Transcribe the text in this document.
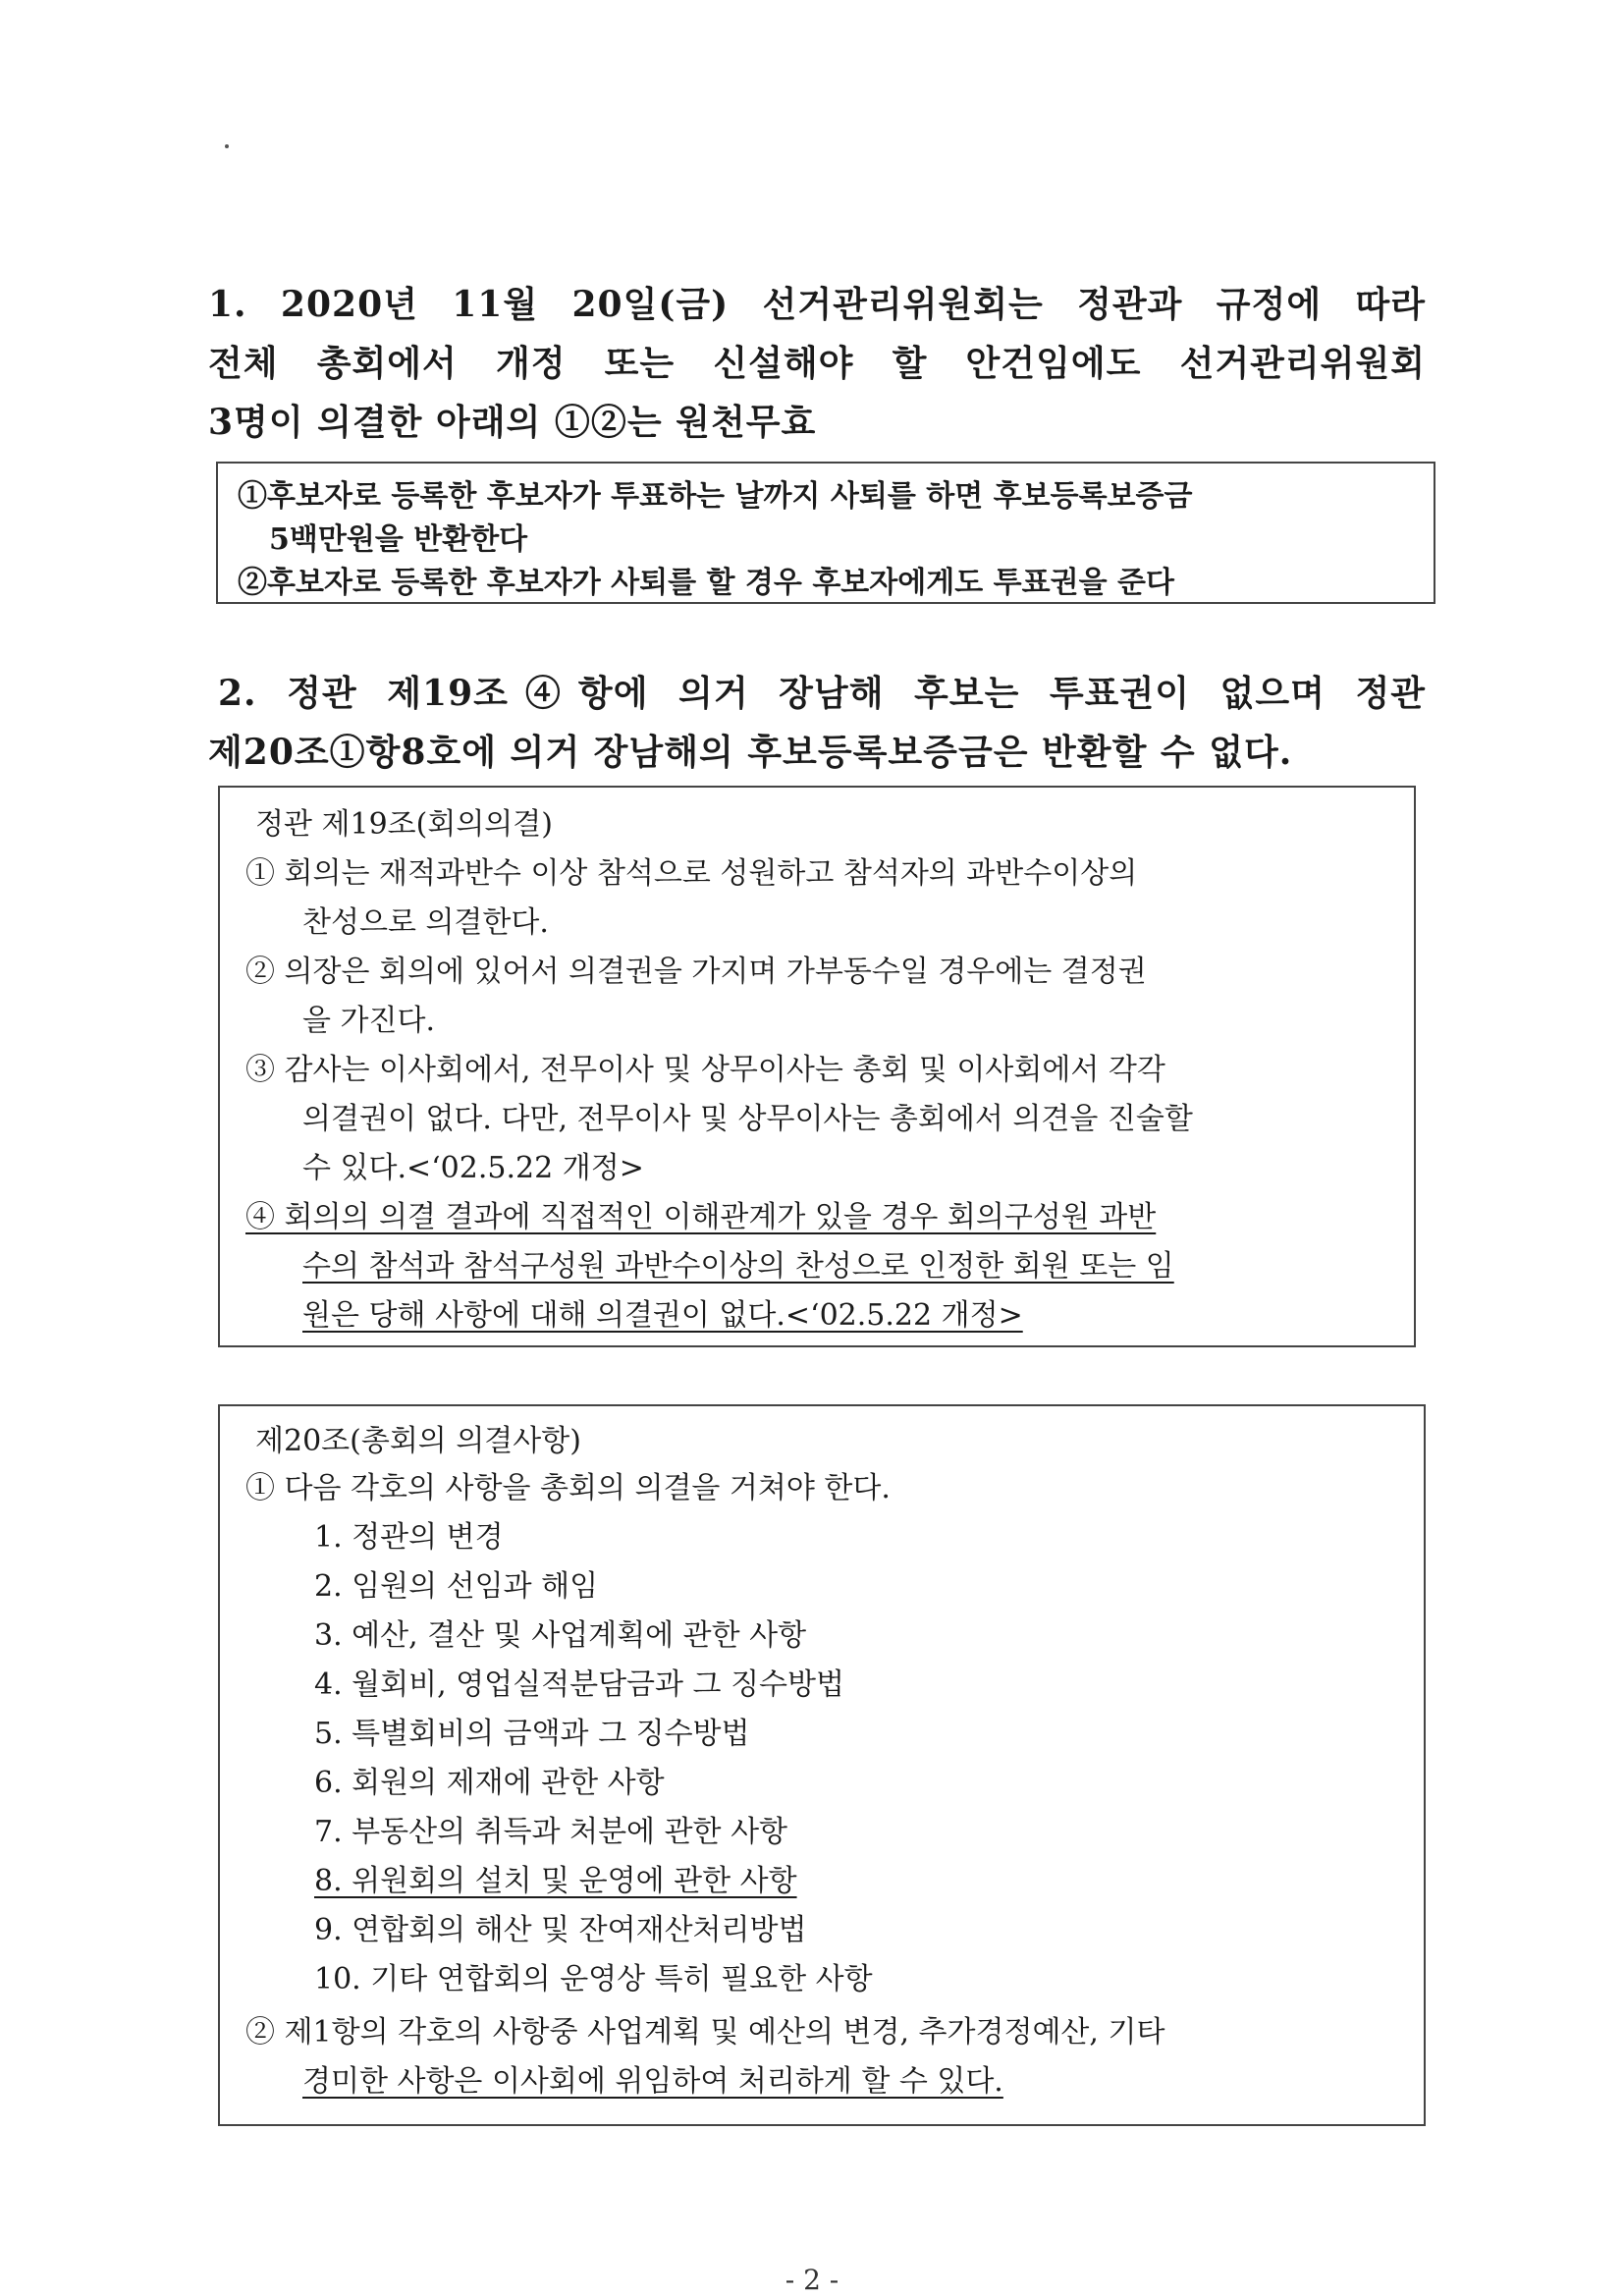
1. 2020년 11월 20일(금) 선거관리위원회는 정관과 규정에 따라
전체 총회에서 개정 또는 신설해야 할 안건임에도 선거관리위원회
3명이 의결한 아래의 ①②는 원천무효
①후보자로 등록한 후보자가 투표하는 날까지 사퇴를 하면 후보등록보증금
5백만원을 반환한다
②후보자로 등록한 후보자가 사퇴를 할 경우 후보자에게도 투표권을 준다
2. 정관 제19조④항에 의거 장남해 후보는 투표권이 없으며 정관
제20조①항8호에 의거 장남해의 후보등록보증금은 반환할 수 없다.
정관 제19조(회의의결)
① 회의는 재적과반수 이상 참석으로 성원하고 참석자의 과반수이상의
찬성으로 의결한다.
② 의장은 회의에 있어서 의결권을 가지며 가부동수일 경우에는 결정권
을 가진다.
③ 감사는 이사회에서, 전무이사 및 상무이사는 총회 및 이사회에서 각각
의결권이 없다. 다만, 전무이사 및 상무이사는 총회에서 의견을 진술할
수 있다.<‘02.5.22 개정>
④ 회의의 의결 결과에 직접적인 이해관계가 있을 경우 회의구성원 과반
수의 참석과 참석구성원 과반수이상의 찬성으로 인정한 회원 또는 임
원은 당해 사항에 대해 의결권이 없다.<‘02.5.22 개정>
제20조(총회의 의결사항)
① 다음 각호의 사항을 총회의 의결을 거쳐야 한다.
1. 정관의 변경
2. 임원의 선임과 해임
3. 예산, 결산 및 사업계획에 관한 사항
4. 월회비, 영업실적분담금과 그 징수방법
5. 특별회비의 금액과 그 징수방법
6. 회원의 제재에 관한 사항
7. 부동산의 취득과 처분에 관한 사항
8. 위원회의 설치 및 운영에 관한 사항
9. 연합회의 해산 및 잔여재산처리방법
10. 기타 연합회의 운영상 특히 필요한 사항
② 제1항의 각호의 사항중 사업계획 및 예산의 변경, 추가경정예산, 기타
경미한 사항은 이사회에 위임하여 처리하게 할 수 있다.
- 2 -
